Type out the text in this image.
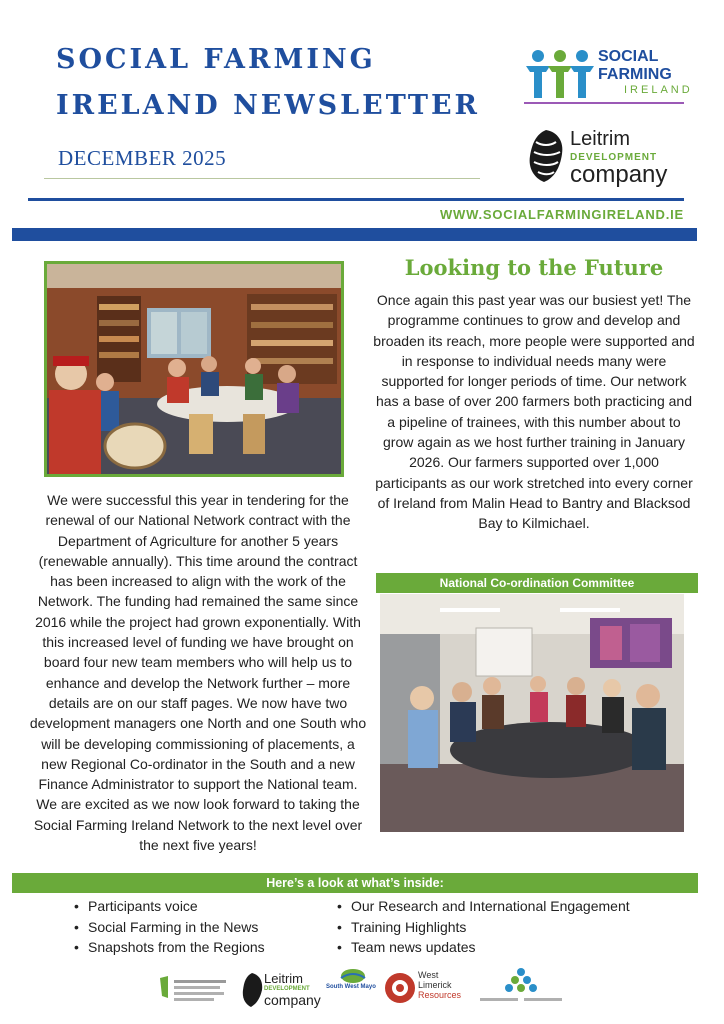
SOCIAL FARMING
IRELAND NEWSLETTER
DECEMBER 2025
SOCIAL
FARMING
IRELAND
Leitrim
DEVELOPMENT
company
WWW.SOCIALFARMINGIRELAND.IE
Looking to the Future
Once again this past year was our busiest yet! The programme continues to grow and develop and broaden its reach, more people were supported and in response to individual needs many were supported for longer periods of time. Our network has a base of over 200 farmers both practicing and a pipeline of trainees, with this number about to grow again as we host further training in January 2026. Our farmers supported over 1,000 participants as our work stretched into every corner of Ireland from Malin Head to Bantry and Blacksod Bay to Kilmichael.
We were successful this year in tendering for the renewal of our National Network contract with the Department of Agriculture for another 5 years (renewable annually). This time around the contract has been increased to align with the work of the Network. The funding had remained the same since 2016 while the project had grown exponentially. With this increased level of funding we have brought on board four new team members who will help us to enhance and develop the Network further – more details are on our staff pages. We now have two development managers one North and one South who will be developing commissioning of placements, a new Regional Co-ordinator in the South and a new Finance Administrator to support the National team. We are excited as we now look forward to taking the Social Farming Ireland Network to the next level over the next five years!
National Co-ordination Committee
Here’s a look at what’s inside:
• Participants voice
• Social Farming in the News
• Snapshots from the Regions
• Our Research and International Engagement
• Training Highlights
• Team news updates
Leitrim
DEVELOPMENT
company
South West Mayo
West
Limerick
Resources
